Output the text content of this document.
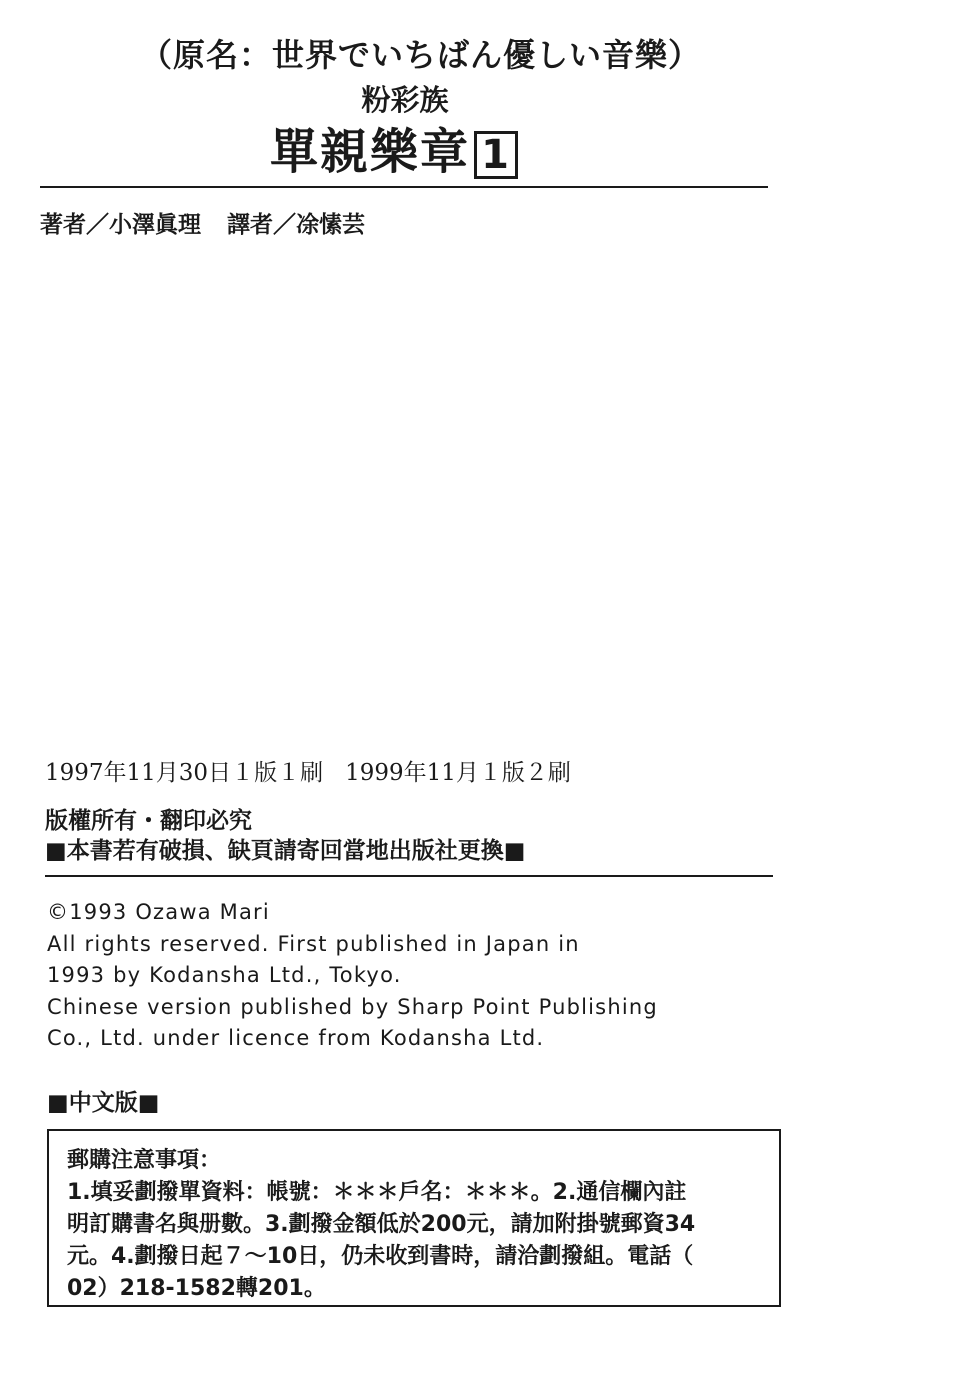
（原名：世界でいちばん優しい音樂）
粉彩族
單親樂章 1
著者／小澤眞理 譯者／凃愫芸
1997年11月30日１版１刷 1999年11月１版２刷
版權所有・翻印必究
■本書若有破損、缺頁請寄回當地出版社更換■
©1993 Ozawa Mari
All rights reserved. First published in Japan in
1993 by Kodansha Ltd., Tokyo.
Chinese version published by Sharp Point Publishing
Co., Ltd. under licence from Kodansha Ltd.
■中文版■
郵購注意事項：
1.填妥劃撥單資料：帳號：＊＊＊戶名：＊＊＊。2.通信欄內註
明訂購書名與册數。3.劃撥金額低於200元，請加附掛號郵資34
元。4.劃撥日起７～10日，仍未收到書時，請洽劃撥組。電話（
02）218-1582轉201。
